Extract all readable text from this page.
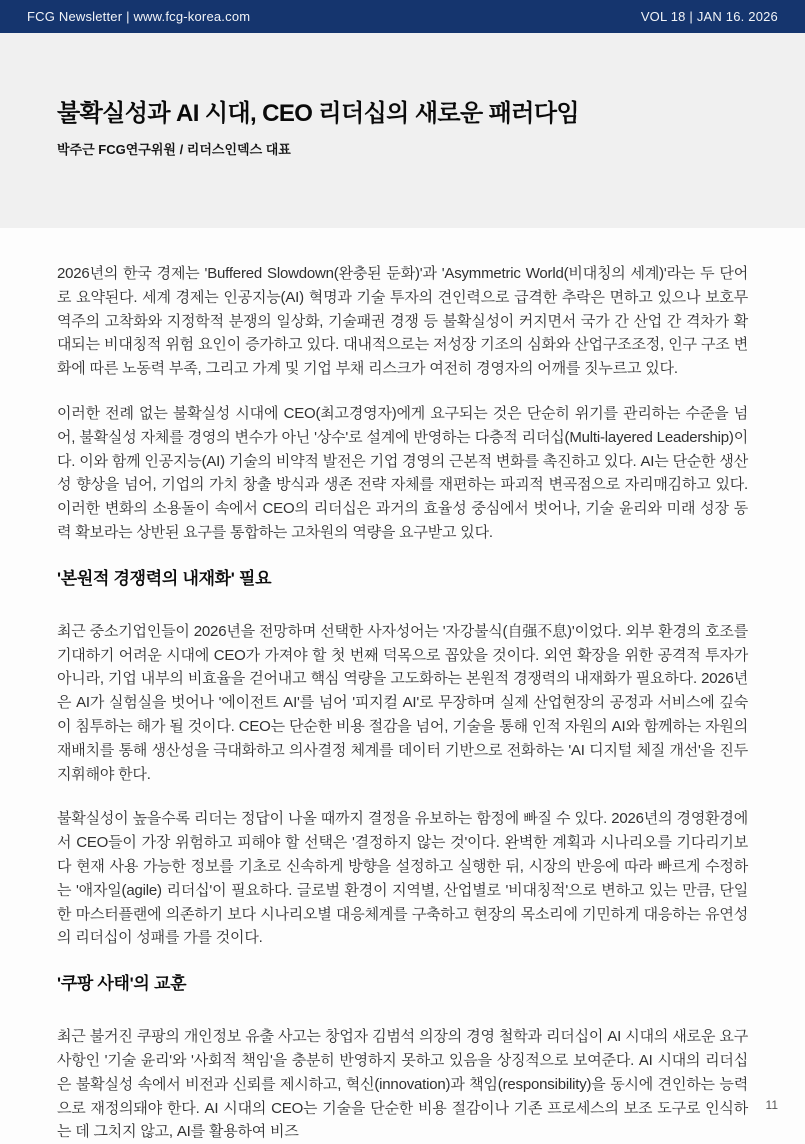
FCG Newsletter | www.fcg-korea.com	VOL 18 | JAN 16. 2026
불확실성과 AI 시대, CEO 리더십의 새로운 패러다임

박주근 FCG연구위원 / 리더스인덱스 대표

2026년의 한국 경제는 'Buffered Slowdown(완충된 둔화)'과 'Asymmetric World(비대칭의 세계)'라는 두 단어로 요약된다. 세계 경제는 인공지능(AI) 혁명과 기술 투자의 견인력으로 급격한 추락은 면하고 있으나 보호무역주의 고착화와 지정학적 분쟁의 일상화, 기술패권 경쟁 등 불확실성이 커지면서 국가 간 산업 간 격차가 확대되는 비대칭적 위험 요인이 증가하고 있다. 대내적으로는 저성장 기조의 심화와 산업구조조정, 인구 구조 변화에 따른 노동력 부족, 그리고 가계 및 기업 부채 리스크가 여전히 경영자의 어깨를 짓누르고 있다.

이러한 전례 없는 불확실성 시대에 CEO(최고경영자)에게 요구되는 것은 단순히 위기를 관리하는 수준을 넘어, 불확실성 자체를 경영의 변수가 아닌 '상수'로 설계에 반영하는 다층적 리더십(Multi-layered Leadership)이다. 이와 함께 인공지능(AI) 기술의 비약적 발전은 기업 경영의 근본적 변화를 촉진하고 있다. AI는 단순한 생산성 향상을 넘어, 기업의 가치 창출 방식과 생존 전략 자체를 재편하는 파괴적 변곡점으로 자리매김하고 있다. 이러한 변화의 소용돌이 속에서 CEO의 리더십은 과거의 효율성 중심에서 벗어나, 기술 윤리와 미래 성장 동력 확보라는 상반된 요구를 통합하는 고차원의 역량을 요구받고 있다.

'본원적 경쟁력의 내재화' 필요

최근 중소기업인들이 2026년을 전망하며 선택한 사자성어는 '자강불식(自强不息)'이었다. 외부 환경의 호조를 기대하기 어려운 시대에 CEO가 가져야 할 첫 번째 덕목으로 꼽았을 것이다. 외연 확장을 위한 공격적 투자가 아니라, 기업 내부의 비효율을 걷어내고 핵심 역량을 고도화하는 본원적 경쟁력의 내재화가 필요하다. 2026년은 AI가 실험실을 벗어나 '에이전트 AI'를 넘어 '피지컬 AI'로 무장하며 실제 산업현장의 공정과 서비스에 깊숙이 침투하는 해가 될 것이다. CEO는 단순한 비용 절감을 넘어, 기술을 통해 인적 자원의 AI와 함께하는 자원의 재배치를 통해 생산성을 극대화하고 의사결정 체계를 데이터 기반으로 전화하는 'AI 디지털 체질 개선'을 진두지휘해야 한다.

불확실성이 높을수록 리더는 정답이 나올 때까지 결정을 유보하는 함정에 빠질 수 있다. 2026년의 경영환경에서 CEO들이 가장 위험하고 피해야 할 선택은 '결정하지 않는 것'이다. 완벽한 계획과 시나리오를 기다리기보다 현재 사용 가능한 정보를 기초로 신속하게 방향을 설정하고 실행한 뒤, 시장의 반응에 따라 빠르게 수정하는 '애자일(agile) 리더십'이 필요하다. 글로벌 환경이 지역별, 산업별로 '비대칭적'으로 변하고 있는 만큼, 단일한 마스터플랜에 의존하기 보다 시나리오별 대응체계를 구축하고 현장의 목소리에 기민하게 대응하는 유연성의 리더십이 성패를 가를 것이다.

'쿠팡 사태'의 교훈

최근 불거진 쿠팡의 개인정보 유출 사고는 창업자 김범석 의장의 경영 철학과 리더십이 AI 시대의 새로운 요구 사항인 '기술 윤리'와 '사회적 책임'을 충분히 반영하지 못하고 있음을 상징적으로 보여준다. AI 시대의 리더십은 불확실성 속에서 비전과 신뢰를 제시하고, 혁신(innovation)과 책임(responsibility)을 동시에 견인하는 능력으로 재정의돼야 한다. AI 시대의 CEO는 기술을 단순한 비용 절감이나 기존 프로세스의 보조 도구로 인식하는 데 그치지 않고, AI를 활용하여 비즈

11
